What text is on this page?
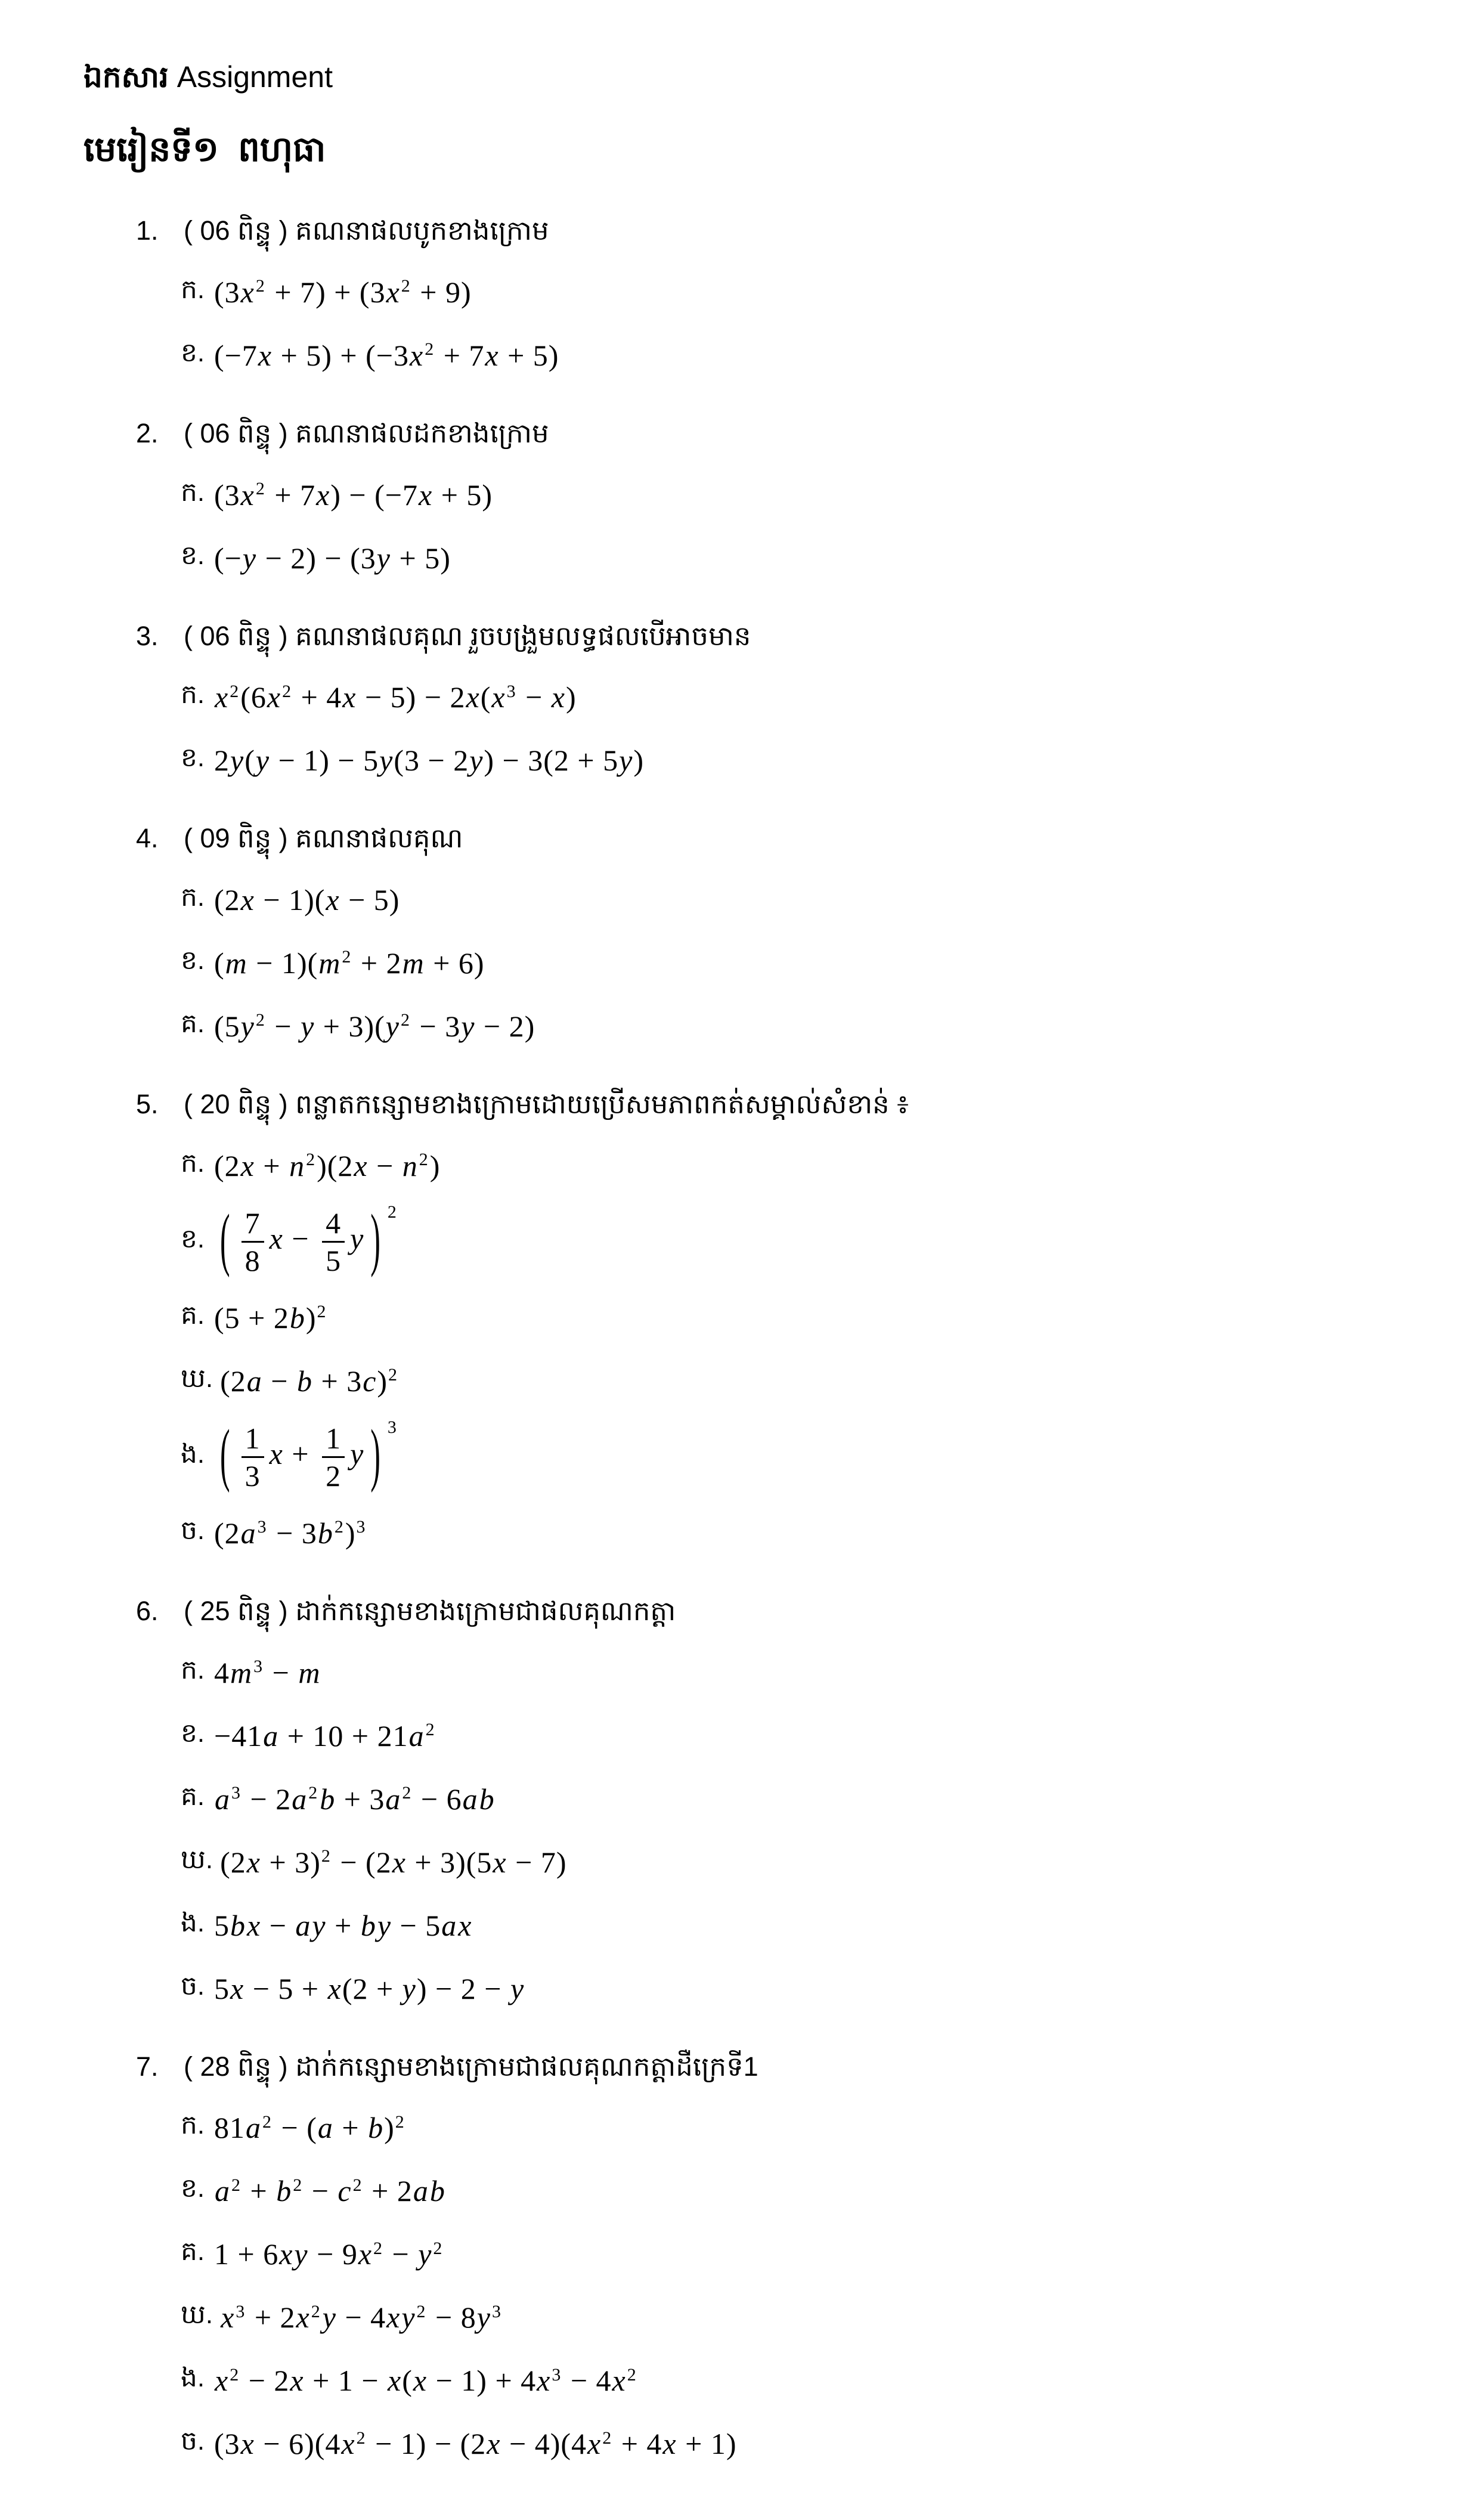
ឯកសារ Assignment
មេរៀនទី១  ពហុធា
1. ( 06 ពិន្ទុ ) គណនាផលបូកខាងក្រោម
ក. $(3x^2 + 7) + (3x^2 + 9)$
ខ. $(-7x + 5) + (-3x^2 + 7x + 5)$
2. ( 06 ពិន្ទុ ) គណនាផលដកខាងក្រោម
ក. $(3x^2 + 7x) - (-7x + 5)$
ខ. (−y − 2) − (3y + 5)
3. ( 06 ពិន្ទុ ) គណនាផលគុណ រួចបង្រួមលទ្ធផលបើអាចមាន
ក. $x^2(6x^2 + 4x - 5) - 2x(x^3 - x)$
ខ. 2y(y − 1) − 5y(3 − 2y) − 3(2 + 5y)
4. ( 09 ពិន្ទុ ) គណនាផលគុណ
ក. (2x − 1)(x − 5)
ខ. $(m - 1)(m^2 + 2m + 6)$
គ. $(5y^2 - y + 3)(y^2 - 3y - 2)$
5. ( 20 ពិន្ទុ ) ពន្លាតកន្សោមខាងក្រោមដោយប្រើសមភាពកត់សម្គាល់សំខាន់ ៖
ក. $(2x + n^2)(2x - n^2)$
ខ. ( $\frac{7}{8}$ $x - \frac{4}{5}$ y ) $^2$
គ. $(5 + 2b)^2$
ឃ. $(2a - b + 3c)^2$
ង. ( $\frac{1}{3}$ $x + \frac{1}{2}$ y ) $^3$
ច. $(2a^3 - 3b^2)^3$
6. ( 25 ពិន្ទុ ) ដាក់កន្សោមខាងក្រោមជាផលគុណកត្តា
ក. $4m^3 - m$
ខ. $-41a + 10 + 21a^2$
គ. $a^3 - 2a^2b + 3a^2 - 6ab$
ឃ. $(2x + 3)^2 - (2x + 3)(5x - 7)$
ង. 5bx − ay + by − 5ax
ច. 5x − 5 + x(2 + y) − 2 − y
7. ( 28 ពិន្ទុ ) ដាក់កន្សោមខាងក្រោមជាផលគុណកត្តាដឺក្រេទី1
ក. $81a^2 - (a + b)^2$
ខ. $a^2 + b^2 - c^2 + 2ab$
គ. $1 + 6xy - 9x^2 - y^2$
ឃ. $x^3 + 2x^2y - 4xy^2 - 8y^3$
ង. $x^2 - 2x + 1 - x(x - 1) + 4x^3 - 4x^2$
ច. $(3x - 6)(4x^2 - 1) - (2x - 4)(4x^2 + 4x + 1)$
